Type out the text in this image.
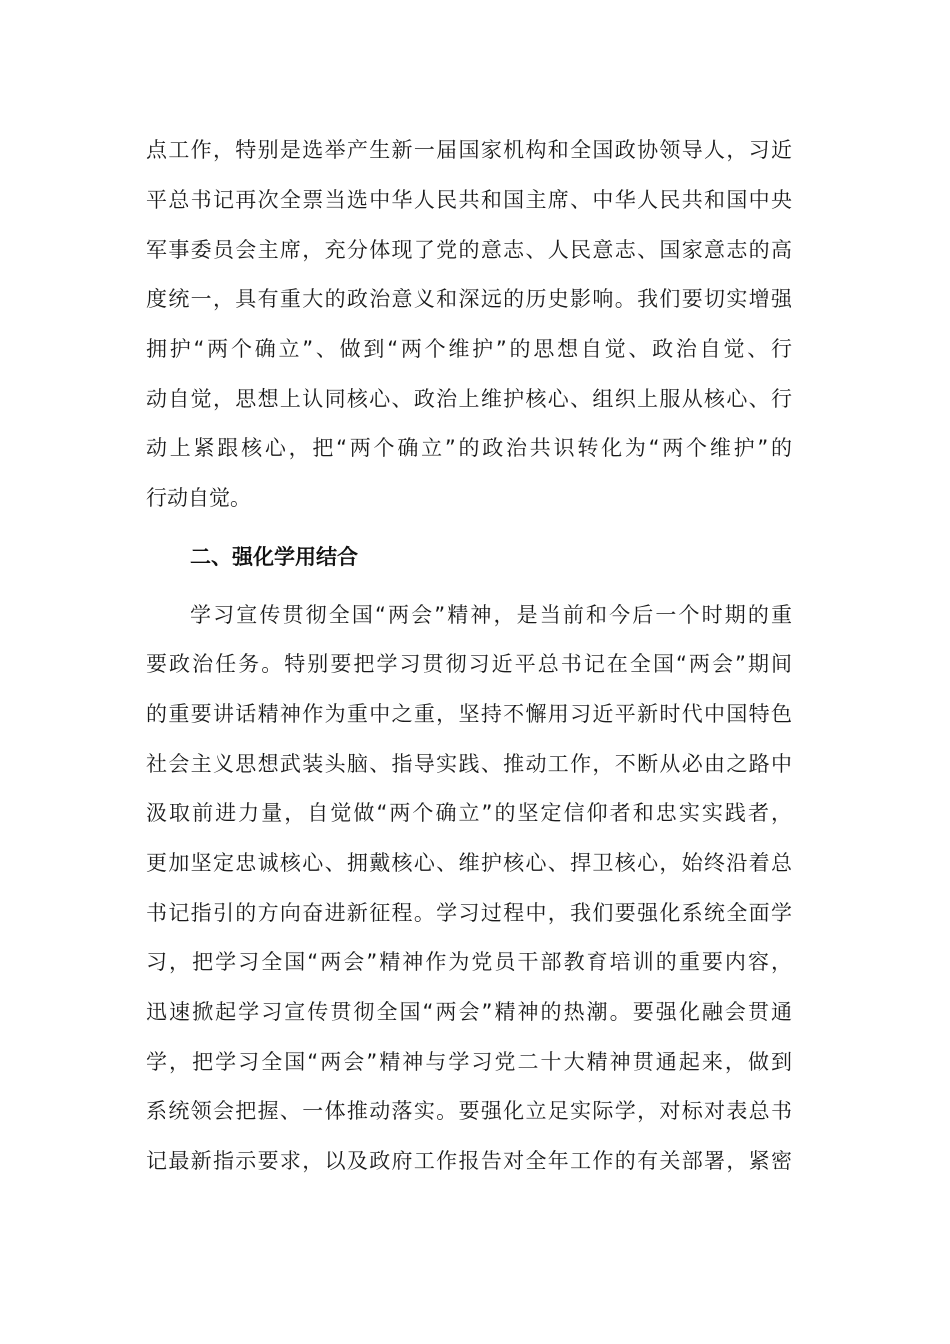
点工作，特别是选举产生新一届国家机构和全国政协领导人，习近
平总书记再次全票当选中华人民共和国主席、中华人民共和国中央
军事委员会主席，充分体现了党的意志、人民意志、国家意志的高
度统一，具有重大的政治意义和深远的历史影响。我们要切实增强
拥护“两个确立”、做到“两个维护”的思想自觉、政治自觉、行
动自觉，思想上认同核心、政治上维护核心、组织上服从核心、行
动上紧跟核心，把“两个确立”的政治共识转化为“两个维护”的
行动自觉。
二、强化学用结合
学习宣传贯彻全国“两会”精神，是当前和今后一个时期的重
要政治任务。特别要把学习贯彻习近平总书记在全国“两会”期间
的重要讲话精神作为重中之重，坚持不懈用习近平新时代中国特色
社会主义思想武装头脑、指导实践、推动工作，不断从必由之路中
汲取前进力量，自觉做“两个确立”的坚定信仰者和忠实实践者，
更加坚定忠诚核心、拥戴核心、维护核心、捍卫核心，始终沿着总
书记指引的方向奋进新征程。学习过程中，我们要强化系统全面学
习，把学习全国“两会”精神作为党员干部教育培训的重要内容，
迅速掀起学习宣传贯彻全国“两会”精神的热潮。要强化融会贯通
学，把学习全国“两会”精神与学习党二十大精神贯通起来，做到
系统领会把握、一体推动落实。要强化立足实际学，对标对表总书
记最新指示要求，以及政府工作报告对全年工作的有关部署，紧密
